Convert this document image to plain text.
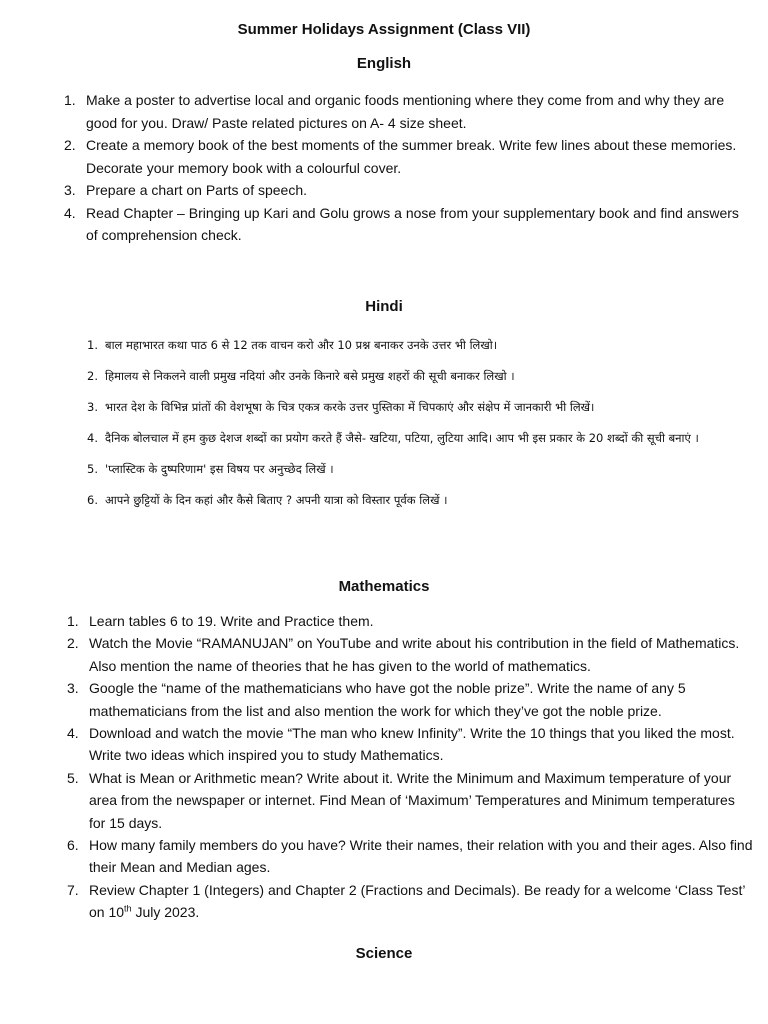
Summer Holidays Assignment (Class VII)
English
1. Make a poster to advertise local and organic foods mentioning where they come from and why they are good for you. Draw/ Paste related pictures on A- 4 size sheet.
2. Create a memory book of the best moments of the summer break. Write few lines about these memories. Decorate your memory book with a colourful cover.
3. Prepare a chart on Parts of speech.
4. Read Chapter – Bringing up Kari and Golu grows a nose from your supplementary book and find answers of comprehension check.
Hindi
1. बाल महाभारत कथा पाठ 6 से 12 तक वाचन करो और 10 प्रश्न बनाकर उनके उत्तर भी लिखो।
2. हिमालय से निकलने वाली प्रमुख नदियां और उनके किनारे बसे प्रमुख शहरों की सूची बनाकर लिखो ।
3. भारत देश के विभिन्न प्रांतों की वेशभूषा के चित्र एकत्र करके उत्तर पुस्तिका में चिपकाएं और संक्षेप में जानकारी भी लिखें।
4. दैनिक बोलचाल में हम कुछ देशज शब्दों का प्रयोग करते हैं जैसे- खटिया, पटिया, लुटिया आदि। आप भी इस प्रकार के 20 शब्दों की सूची बनाएं ।
5. 'प्लास्टिक के दुष्परिणाम' इस विषय पर अनुच्छेद लिखें ।
6. आपने छुट्टियों के दिन कहां और कैसे बिताए ? अपनी यात्रा को विस्तार पूर्वक लिखें ।
Mathematics
1. Learn tables 6 to 19. Write and Practice them.
2. Watch the Movie “RAMANUJAN” on YouTube and write about his contribution in the field of Mathematics. Also mention the name of theories that he has given to the world of mathematics.
3. Google the “name of the mathematicians who have got the noble prize”. Write the name of any 5 mathematicians from the list and also mention the work for which they’ve got the noble prize.
4. Download and watch the movie “The man who knew Infinity”. Write the 10 things that you liked the most. Write two ideas which inspired you to study Mathematics.
5. What is Mean or Arithmetic mean? Write about it. Write the Minimum and Maximum temperature of your area from the newspaper or internet. Find Mean of ‘Maximum’ Temperatures and Minimum temperatures for 15 days.
6. How many family members do you have? Write their names, their relation with you and their ages. Also find their Mean and Median ages.
7. Review Chapter 1 (Integers) and Chapter 2 (Fractions and Decimals). Be ready for a welcome ‘Class Test’ on 10th July 2023.
Science
